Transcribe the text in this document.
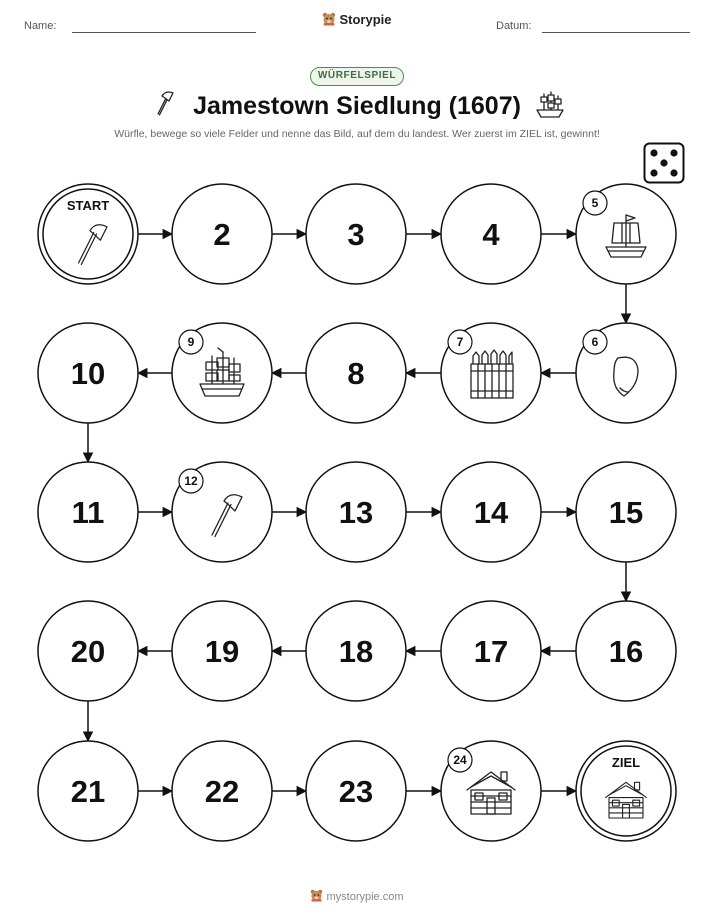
Name:	Storypie	Datum:
WÜRFELSPIEL
Jamestown Siedlung (1607)
Würfle, bewege so viele Felder und nenne das Bild, auf dem du landest. Wer zuerst im ZIEL ist, gewinnt!
START
2	3	4
5
6
7
8
9
10
11
12
13	14	15
16
17
18
19
20
21	22	23
24	ZIEL
mystorypie.com
